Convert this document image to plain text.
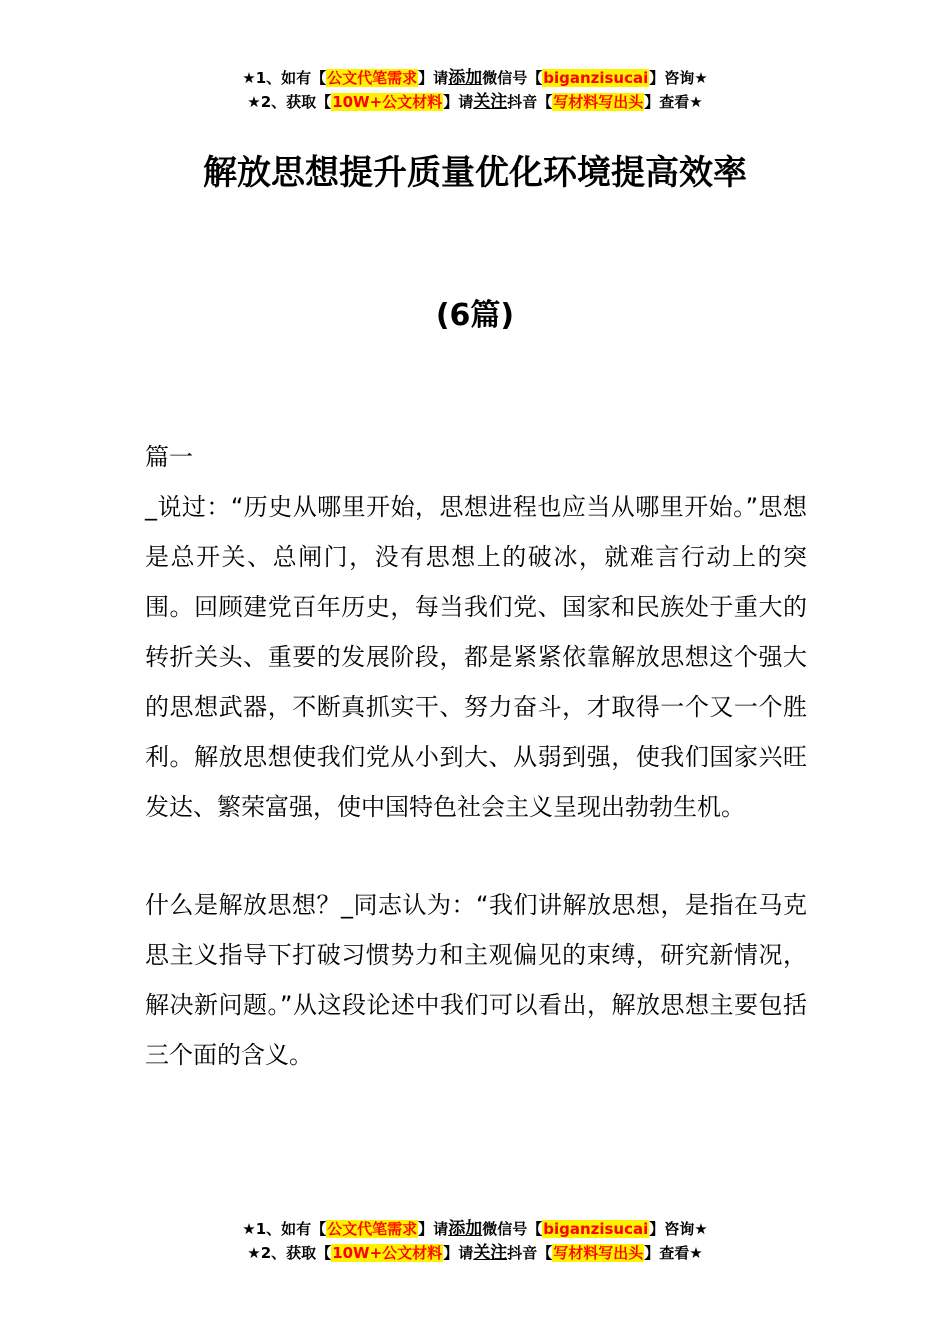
★1、如有【公文代笔需求】请添加微信号【biganzisucai】咨询★
★2、获取【10W+公文材料】请关注抖音【写材料写出头】查看★
解放思想提升质量优化环境提高效率
(6篇)

篇一

_说过：“历史从哪里开始，思想进程也应当从哪里开始。”思想是总开关、总闸门，没有思想上的破冰，就难言行动上的突围。回顾建党百年历史，每当我们党、国家和民族处于重大的转折关头、重要的发展阶段，都是紧紧依靠解放思想这个强大的思想武器，不断真抓实干、努力奋斗，才取得一个又一个胜利。解放思想使我们党从小到大、从弱到强，使我们国家兴旺发达、繁荣富强，使中国特色社会主义呈现出勃勃生机。

什么是解放思想？_同志认为：“我们讲解放思想，是指在马克思主义指导下打破习惯势力和主观偏见的束缚，研究新情况，解决新问题。”从这段论述中我们可以看出，解放思想主要包括三个面的含义。

★1、如有【公文代笔需求】请添加微信号【biganzisucai】咨询★
★2、获取【10W+公文材料】请关注抖音【写材料写出头】查看★
